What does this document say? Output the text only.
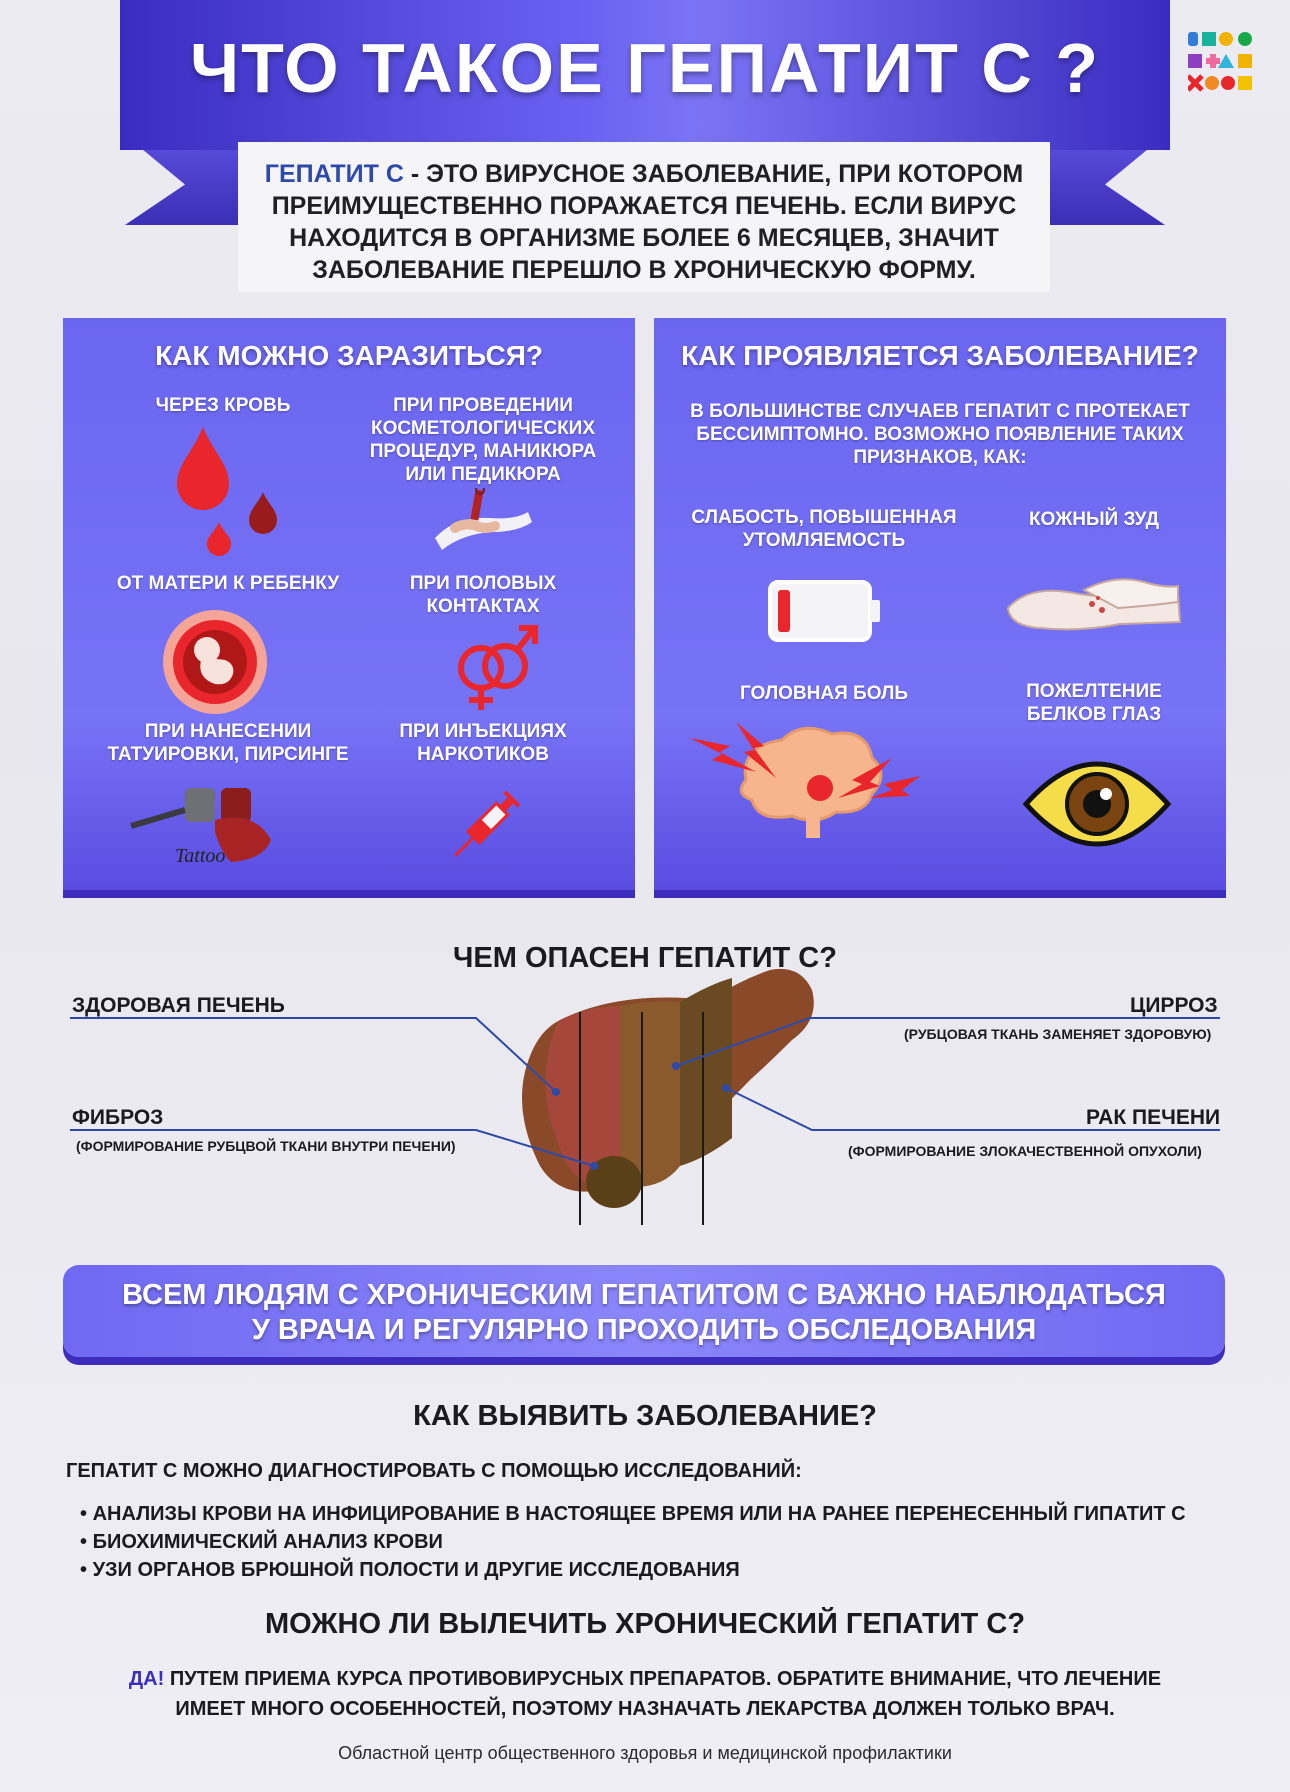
ЧТО ТАКОЕ ГЕПАТИТ С ?
ГЕПАТИТ С - ЭТО ВИРУСНОЕ ЗАБОЛЕВАНИЕ, ПРИ КОТОРОМ
ПРЕИМУЩЕСТВЕННО ПОРАЖАЕТСЯ ПЕЧЕНЬ. ЕСЛИ ВИРУС
НАХОДИТСЯ В ОРГАНИЗМЕ БОЛЕЕ 6 МЕСЯЦЕВ, ЗНАЧИТ
ЗАБОЛЕВАНИЕ ПЕРЕШЛО В ХРОНИЧЕСКУЮ ФОРМУ.
КАК МОЖНО ЗАРАЗИТЬСЯ?
ЧЕРЕЗ КРОВЬ	ПРИ ПРОВЕДЕНИИ КОСМЕТОЛОГИЧЕСКИХ ПРОЦЕДУР, МАНИКЮРА ИЛИ ПЕДИКЮРА
ОТ МАТЕРИ К РЕБЕНКУ	ПРИ ПОЛОВЫХ КОНТАКТАХ
ПРИ НАНЕСЕНИИ ТАТУИРОВКИ, ПИРСИНГЕ
Tattoo
ПРИ ИНЪЕКЦИЯХ НАРКОТИКОВ
КАК ПРОЯВЛЯЕТСЯ ЗАБОЛЕВАНИЕ?
В БОЛЬШИНСТВЕ СЛУЧАЕВ ГЕПАТИТ С ПРОТЕКАЕТ БЕССИМПТОМНО. ВОЗМОЖНО ПОЯВЛЕНИЕ ТАКИХ ПРИЗНАКОВ, КАК:
СЛАБОСТЬ, ПОВЫШЕННАЯ УТОМЛЯЕМОСТЬ
КОЖНЫЙ ЗУД
ГОЛОВНАЯ БОЛЬ	ПОЖЕЛТЕНИЕ БЕЛКОВ ГЛАЗ
ЧЕМ ОПАСЕН ГЕПАТИТ С?
ЗДОРОВАЯ ПЕЧЕНЬ
ФИБРОЗ
(ФОРМИРОВАНИЕ РУБЦВОЙ ТКАНИ ВНУТРИ ПЕЧЕНИ)
ЦИРРОЗ
(РУБЦОВАЯ ТКАНЬ ЗАМЕНЯЕТ ЗДОРОВУЮ)
РАК ПЕЧЕНИ
(ФОРМИРОВАНИЕ ЗЛОКАЧЕСТВЕННОЙ ОПУХОЛИ)
ВСЕМ ЛЮДЯМ С ХРОНИЧЕСКИМ ГЕПАТИТОМ С ВАЖНО НАБЛЮДАТЬСЯ
У ВРАЧА И РЕГУЛЯРНО ПРОХОДИТЬ ОБСЛЕДОВАНИЯ
КАК ВЫЯВИТЬ ЗАБОЛЕВАНИЕ?
ГЕПАТИТ С МОЖНО ДИАГНОСТИРОВАТЬ С ПОМОЩЬЮ ИССЛЕДОВАНИЙ:
• АНАЛИЗЫ КРОВИ НА ИНФИЦИРОВАНИЕ В НАСТОЯЩЕЕ ВРЕМЯ ИЛИ НА РАНЕЕ ПЕРЕНЕСЕННЫЙ ГИПАТИТ С
• БИОХИМИЧЕСКИЙ АНАЛИЗ КРОВИ
• УЗИ ОРГАНОВ БРЮШНОЙ ПОЛОСТИ И ДРУГИЕ ИССЛЕДОВАНИЯ
МОЖНО ЛИ ВЫЛЕЧИТЬ ХРОНИЧЕСКИЙ ГЕПАТИТ С?
ДА! ПУТЕМ ПРИЕМА КУРСА ПРОТИВОВИРУСНЫХ ПРЕПАРАТОВ. ОБРАТИТЕ ВНИМАНИЕ, ЧТО ЛЕЧЕНИЕ
ИМЕЕТ МНОГО ОСОБЕННОСТЕЙ, ПОЭТОМУ НАЗНАЧАТЬ ЛЕКАРСТВА ДОЛЖЕН ТОЛЬКО ВРАЧ.
Областной центр общественного здоровья и медицинской профилактики
